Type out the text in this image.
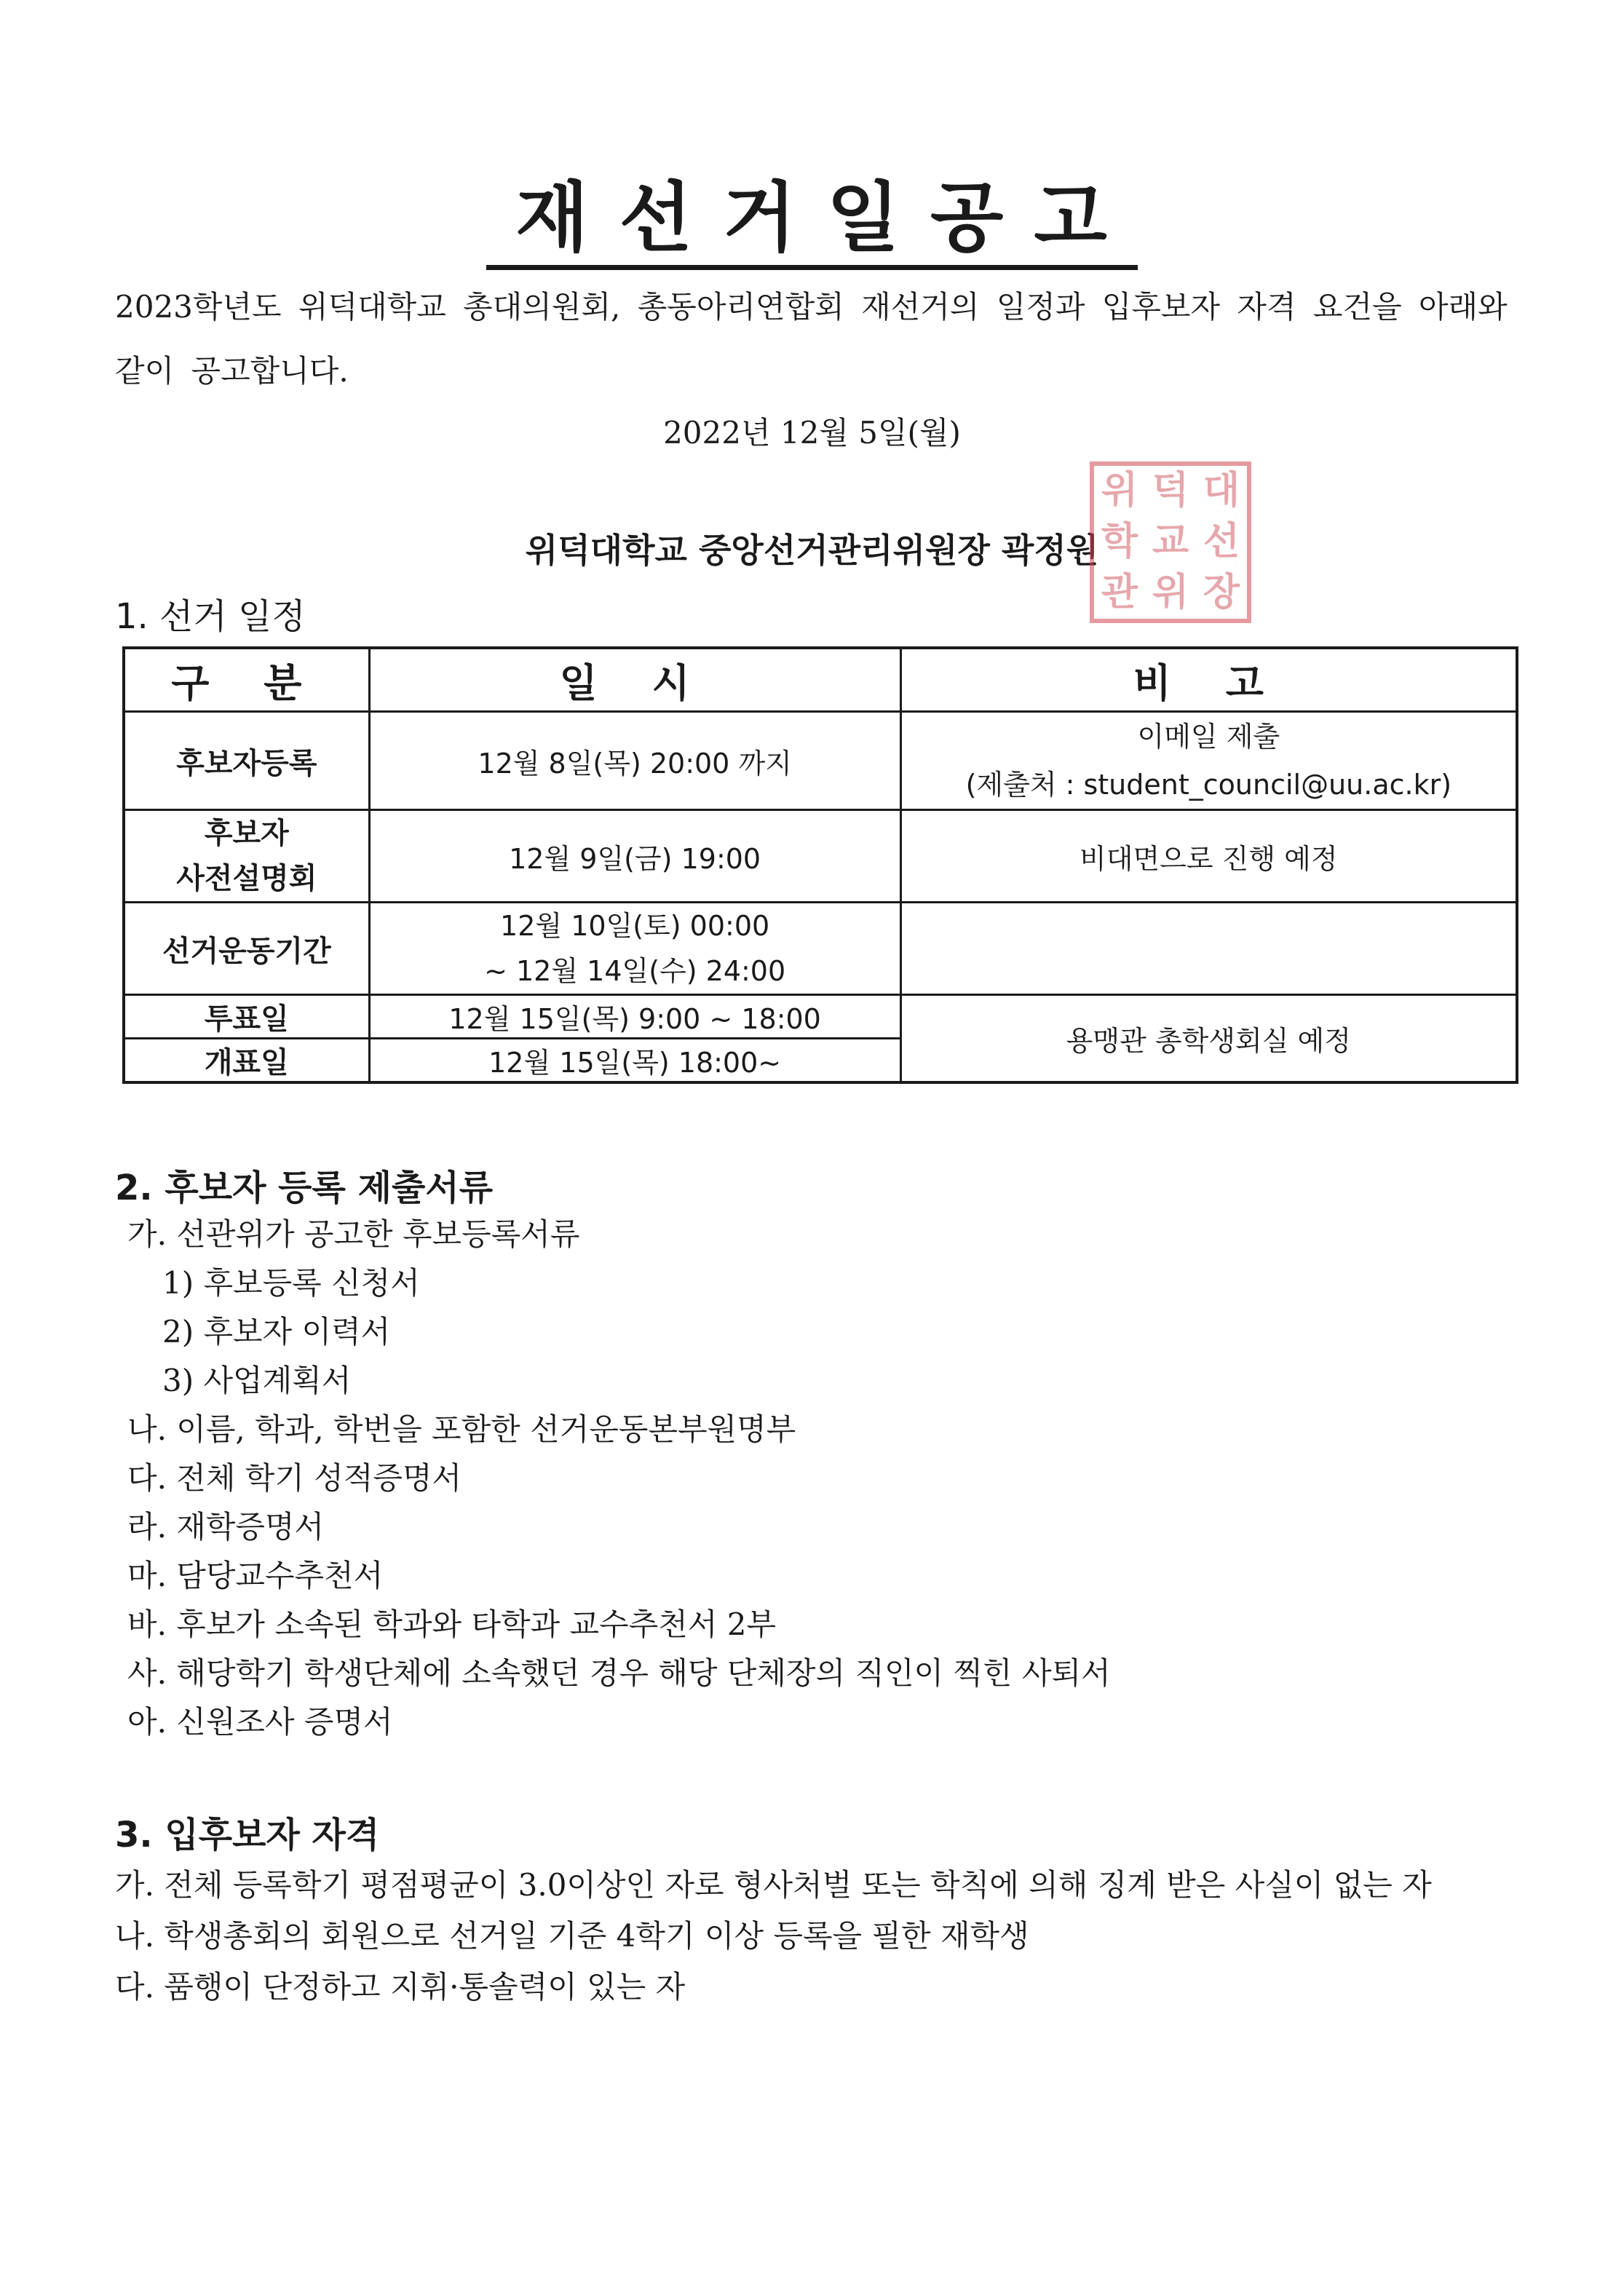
재선거일공고
2023학년도 위덕대학교 총대의원회, 총동아리연합회 재선거의 일정과 입후보자 자격 요건을 아래와 같이 공고합니다.
2022년 12월 5일(월)
위덕대학교 중앙선거관리위원장 곽정원
위 덕 대
학 교 선
관 위 장
1. 선거 일정
구 분	일 시	비 고
후보자등록	12월 8일(목) 20:00 까지	이메일 제출
(제출처 : student_council@uu.ac.kr)

후보자
사전설명회	12월 9일(금) 19:00	비대면으로 진행 예정
선거운동기간	12월 10일(토) 00:00
~ 12월 14일(수) 24:00	

투표일	12월 15일(목) 9:00 ~ 18:00	용맹관 총학생회실 예정
개표일	12월 15일(목) 18:00~	
2. 후보자 등록 제출서류
가. 선관위가 공고한 후보등록서류
1) 후보등록 신청서
2) 후보자 이력서
3) 사업계획서
나. 이름, 학과, 학번을 포함한 선거운동본부원명부
다. 전체 학기 성적증명서
라. 재학증명서
마. 담당교수추천서
바. 후보가 소속된 학과와 타학과 교수추천서 2부
사. 해당학기 학생단체에 소속했던 경우 해당 단체장의 직인이 찍힌 사퇴서
아. 신원조사 증명서
3. 입후보자 자격
가. 전체 등록학기 평점평균이 3.0이상인 자로 형사처벌 또는 학칙에 의해 징계 받은 사실이 없는 자
나. 학생총회의 회원으로 선거일 기준 4학기 이상 등록을 필한 재학생
다. 품행이 단정하고 지휘·통솔력이 있는 자
